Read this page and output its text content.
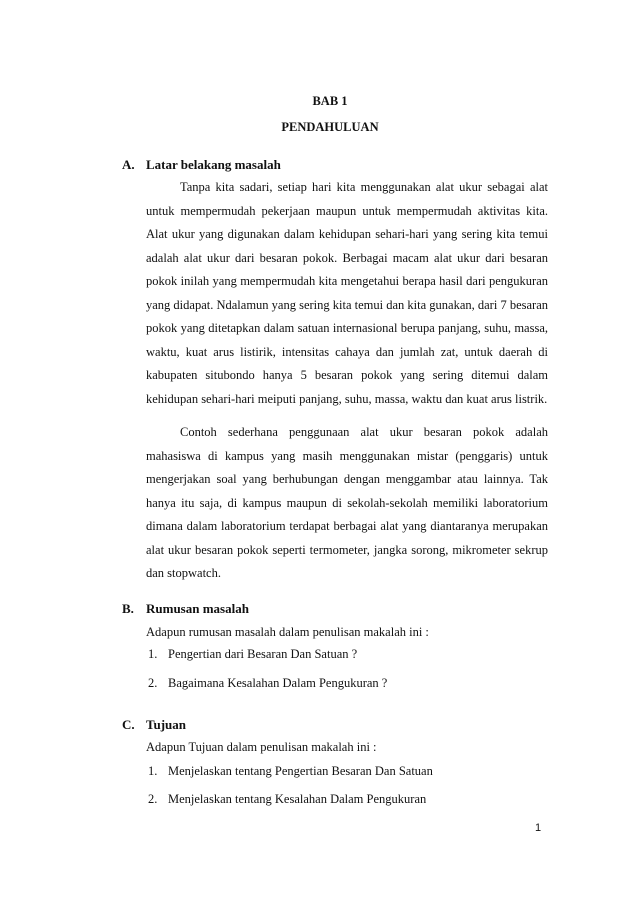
BAB 1
PENDAHULUAN
A. Latar belakang masalah

Tanpa kita sadari, setiap hari kita menggunakan alat ukur sebagai alat untuk mempermudah pekerjaan maupun untuk mempermudah aktivitas kita. Alat ukur yang digunakan dalam kehidupan sehari-hari yang sering kita temui adalah alat ukur dari besaran pokok. Berbagai macam alat ukur dari besaran pokok inilah yang mempermudah kita mengetahui berapa hasil dari pengukuran yang didapat. Ndalamun yang sering kita temui dan kita gunakan, dari 7 besaran pokok yang ditetapkan dalam satuan internasional berupa panjang, suhu, massa, waktu, kuat arus listirik, intensitas cahaya dan jumlah zat, untuk daerah di kabupaten situbondo hanya 5 besaran pokok yang sering ditemui dalam kehidupan sehari-hari meiputi panjang, suhu, massa, waktu dan kuat arus listrik.

Contoh sederhana penggunaan alat ukur besaran pokok adalah mahasiswa di kampus yang masih menggunakan mistar (penggaris) untuk mengerjakan soal yang berhubungan dengan menggambar atau lainnya. Tak hanya itu saja, di kampus maupun di sekolah-sekolah memiliki laboratorium dimana dalam laboratorium terdapat berbagai alat yang diantaranya merupakan alat ukur besaran pokok seperti termometer, jangka sorong, mikrometer sekrup dan stopwatch.

B. Rumusan masalah
Adapun rumusan masalah dalam penulisan makalah ini :
1. Pengertian dari Besaran Dan Satuan ?
2. Bagaimana Kesalahan Dalam Pengukuran ?
C. Tujuan
Adapun Tujuan dalam penulisan makalah ini :
1. Menjelaskan tentang Pengertian Besaran Dan Satuan
2. Menjelaskan tentang Kesalahan Dalam Pengukuran
1
